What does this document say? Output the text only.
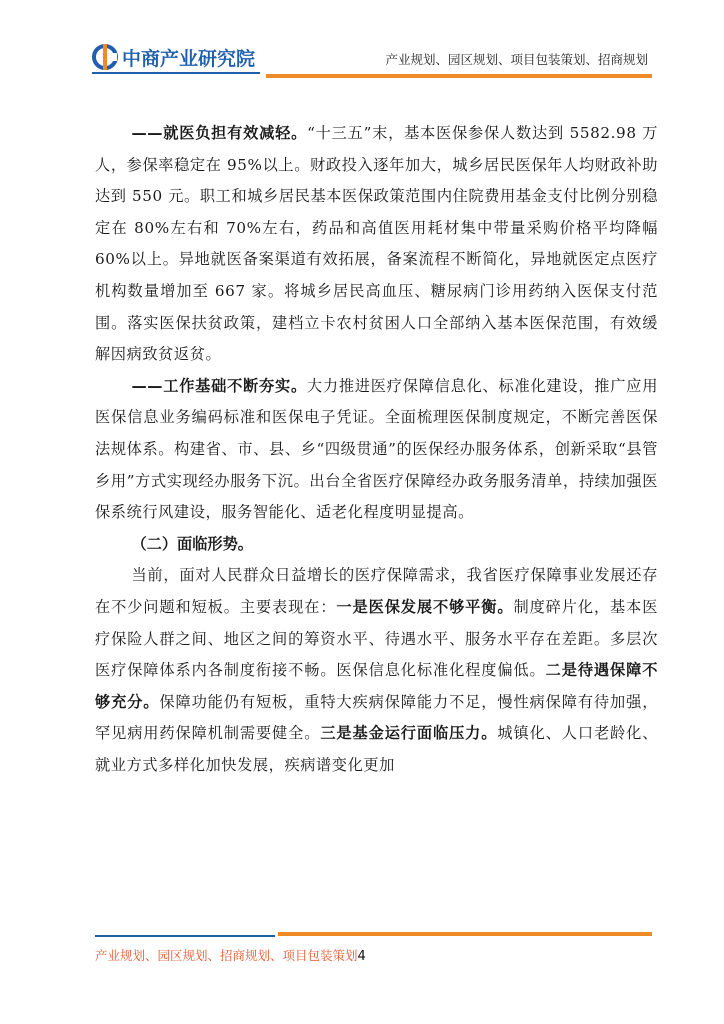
中商产业研究院	产业规划、园区规划、项目包装策划、招商规划

——就医负担有效减轻。“十三五”末，基本医保参保人数达到 5582.98 万人，参保率稳定在 95%以上。财政投入逐年加大，城乡居民医保年人均财政补助达到 550 元。职工和城乡居民基本医保政策范围内住院费用基金支付比例分别稳定在 80%左右和 70%左右，药品和高值医用耗材集中带量采购价格平均降幅 60%以上。异地就医备案渠道有效拓展，备案流程不断简化，异地就医定点医疗机构数量增加至 667 家。将城乡居民高血压、糖尿病门诊用药纳入医保支付范围。落实医保扶贫政策，建档立卡农村贫困人口全部纳入基本医保范围，有效缓解因病致贫返贫。

——工作基础不断夯实。大力推进医疗保障信息化、标准化建设，推广应用医保信息业务编码标准和医保电子凭证。全面梳理医保制度规定，不断完善医保法规体系。构建省、市、县、乡“四级贯通”的医保经办服务体系，创新采取“县管乡用”方式实现经办服务下沉。出台全省医疗保障经办政务服务清单，持续加强医保系统行风建设，服务智能化、适老化程度明显提高。

（二）面临形势。

当前，面对人民群众日益增长的医疗保障需求，我省医疗保障事业发展还存在不少问题和短板。主要表现在：一是医保发展不够平衡。制度碎片化，基本医疗保险人群之间、地区之间的筹资水平、待遇水平、服务水平存在差距。多层次医疗保障体系内各制度衔接不畅。医保信息化标准化程度偏低。二是待遇保障不够充分。保障功能仍有短板，重特大疾病保障能力不足，慢性病保障有待加强，罕见病用药保障机制需要健全。三是基金运行面临压力。城镇化、人口老龄化、就业方式多样化加快发展，疾病谱变化更加

产业规划、园区规划、招商规划、项目包装策划4
